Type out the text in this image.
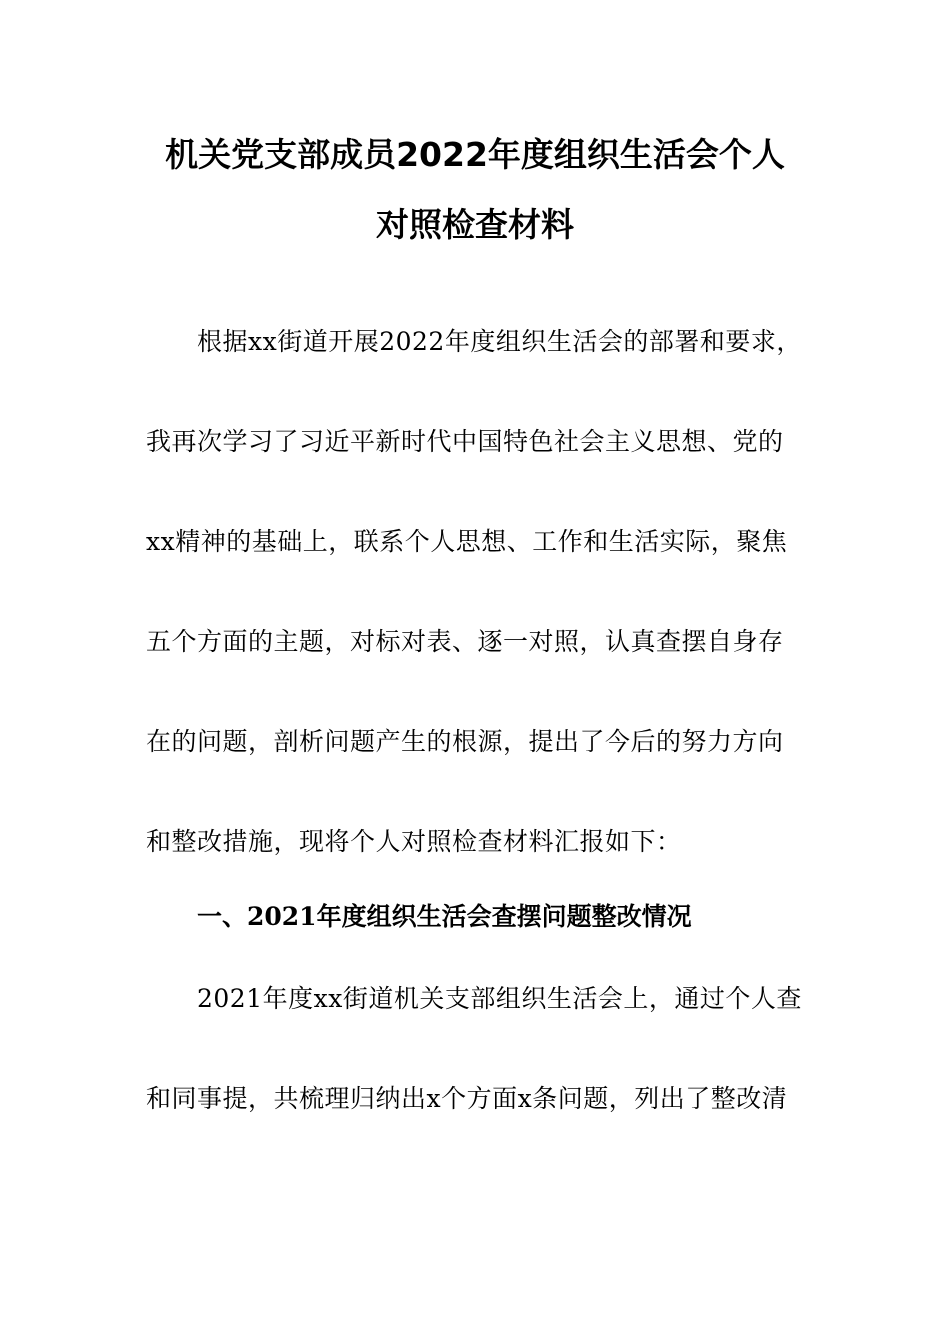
机关党支部成员2022年度组织生活会个人
对照检查材料
根据xx街道开展2022年度组织生活会的部署和要求，
我再次学习了习近平新时代中国特色社会主义思想、党的
xx精神的基础上，联系个人思想、工作和生活实际，聚焦
五个方面的主题，对标对表、逐一对照，认真查摆自身存
在的问题，剖析问题产生的根源，提出了今后的努力方向
和整改措施，现将个人对照检查材料汇报如下：
一、2021年度组织生活会查摆问题整改情况
2021年度xx街道机关支部组织生活会上，通过个人查
和同事提，共梳理归纳出x个方面x条问题，列出了整改清
